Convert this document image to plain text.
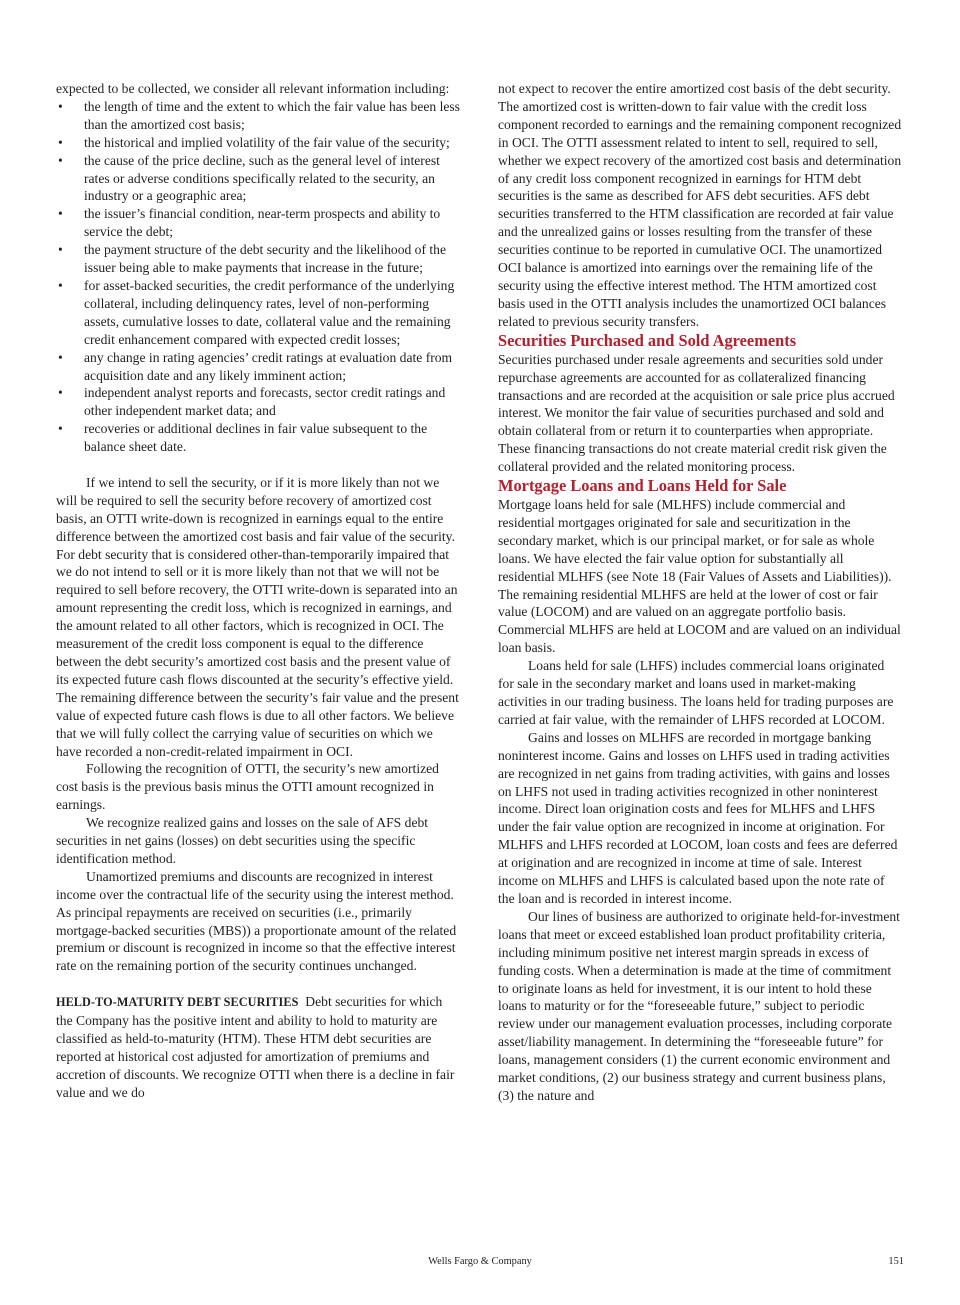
expected to be collected, we consider all relevant information including:

• the length of time and the extent to which the fair value has been less than the amortized cost basis;
• the historical and implied volatility of the fair value of the security;
• the cause of the price decline, such as the general level of interest rates or adverse conditions specifically related to the security, an industry or a geographic area;
• the issuer’s financial condition, near-term prospects and ability to service the debt;
• the payment structure of the debt security and the likelihood of the issuer being able to make payments that increase in the future;
• for asset-backed securities, the credit performance of the underlying collateral, including delinquency rates, level of non-performing assets, cumulative losses to date, collateral value and the remaining credit enhancement compared with expected credit losses;
• any change in rating agencies’ credit ratings at evaluation date from acquisition date and any likely imminent action;
• independent analyst reports and forecasts, sector credit ratings and other independent market data; and
• recoveries or additional declines in fair value subsequent to the balance sheet date.

If we intend to sell the security, or if it is more likely than not we will be required to sell the security before recovery of amortized cost basis, an OTTI write-down is recognized in earnings equal to the entire difference between the amortized cost basis and fair value of the security. For debt security that is considered other-than-temporarily impaired that we do not intend to sell or it is more likely than not that we will not be required to sell before recovery, the OTTI write-down is separated into an amount representing the credit loss, which is recognized in earnings, and the amount related to all other factors, which is recognized in OCI. The measurement of the credit loss component is equal to the difference between the debt security’s amortized cost basis and the present value of its expected future cash flows discounted at the security’s effective yield. The remaining difference between the security’s fair value and the present value of expected future cash flows is due to all other factors. We believe that we will fully collect the carrying value of securities on which we have recorded a non-credit-related impairment in OCI.

Following the recognition of OTTI, the security’s new amortized cost basis is the previous basis minus the OTTI amount recognized in earnings.

We recognize realized gains and losses on the sale of AFS debt securities in net gains (losses) on debt securities using the specific identification method.

Unamortized premiums and discounts are recognized in interest income over the contractual life of the security using the interest method. As principal repayments are received on securities (i.e., primarily mortgage-backed securities (MBS)) a proportionate amount of the related premium or discount is recognized in income so that the effective interest rate on the remaining portion of the security continues unchanged.

HELD-TO-MATURITY DEBT SECURITIES Debt securities for which the Company has the positive intent and ability to hold to maturity are classified as held-to-maturity (HTM). These HTM debt securities are reported at historical cost adjusted for amortization of premiums and accretion of discounts. We recognize OTTI when there is a decline in fair value and we do

not expect to recover the entire amortized cost basis of the debt security. The amortized cost is written-down to fair value with the credit loss component recorded to earnings and the remaining component recognized in OCI. The OTTI assessment related to intent to sell, required to sell, whether we expect recovery of the amortized cost basis and determination of any credit loss component recognized in earnings for HTM debt securities is the same as described for AFS debt securities. AFS debt securities transferred to the HTM classification are recorded at fair value and the unrealized gains or losses resulting from the transfer of these securities continue to be reported in cumulative OCI. The unamortized OCI balance is amortized into earnings over the remaining life of the security using the effective interest method. The HTM amortized cost basis used in the OTTI analysis includes the unamortized OCI balances related to previous security transfers.

Securities Purchased and Sold Agreements

Securities purchased under resale agreements and securities sold under repurchase agreements are accounted for as collateralized financing transactions and are recorded at the acquisition or sale price plus accrued interest. We monitor the fair value of securities purchased and sold and obtain collateral from or return it to counterparties when appropriate. These financing transactions do not create material credit risk given the collateral provided and the related monitoring process.

Mortgage Loans and Loans Held for Sale

Mortgage loans held for sale (MLHFS) include commercial and residential mortgages originated for sale and securitization in the secondary market, which is our principal market, or for sale as whole loans. We have elected the fair value option for substantially all residential MLHFS (see Note 18 (Fair Values of Assets and Liabilities)). The remaining residential MLHFS are held at the lower of cost or fair value (LOCOM) and are valued on an aggregate portfolio basis. Commercial MLHFS are held at LOCOM and are valued on an individual loan basis.

Loans held for sale (LHFS) includes commercial loans originated for sale in the secondary market and loans used in market-making activities in our trading business. The loans held for trading purposes are carried at fair value, with the remainder of LHFS recorded at LOCOM.

Gains and losses on MLHFS are recorded in mortgage banking noninterest income. Gains and losses on LHFS used in trading activities are recognized in net gains from trading activities, with gains and losses on LHFS not used in trading activities recognized in other noninterest income. Direct loan origination costs and fees for MLHFS and LHFS under the fair value option are recognized in income at origination. For MLHFS and LHFS recorded at LOCOM, loan costs and fees are deferred at origination and are recognized in income at time of sale. Interest income on MLHFS and LHFS is calculated based upon the note rate of the loan and is recorded in interest income.

Our lines of business are authorized to originate held-for-investment loans that meet or exceed established loan product profitability criteria, including minimum positive net interest margin spreads in excess of funding costs. When a determination is made at the time of commitment to originate loans as held for investment, it is our intent to hold these loans to maturity or for the “foreseeable future,” subject to periodic review under our management evaluation processes, including corporate asset/liability management. In determining the “foreseeable future” for loans, management considers (1) the current economic environment and market conditions, (2) our business strategy and current business plans, (3) the nature and

Wells Fargo & Company	151
